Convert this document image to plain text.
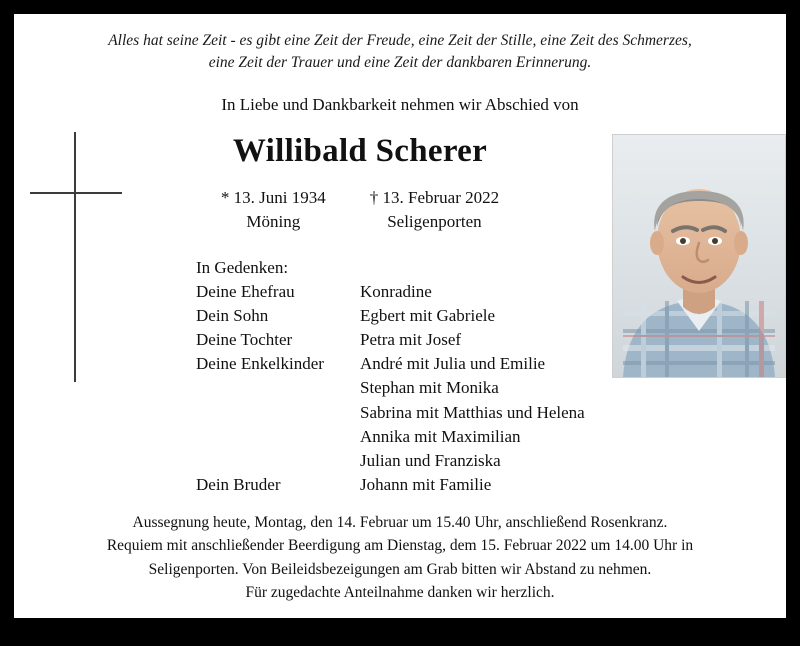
Alles hat seine Zeit - es gibt eine Zeit der Freude, eine Zeit der Stille, eine Zeit des Schmerzes,
eine Zeit der Trauer und eine Zeit der dankbaren Erinnerung.
In Liebe und Dankbarkeit nehmen wir Abschied von
Willibald Scherer
* 13. Juni 1934
Möning
† 13. Februar 2022
Seligenporten
In Gedenken:
Deine Ehefrau	Konradine
Dein Sohn	Egbert mit Gabriele
Deine Tochter	Petra mit Josef
Deine Enkelkinder	André mit Julia und Emilie
Stephan mit Monika
Sabrina mit Matthias und Helena
Annika mit Maximilian
Julian und Franziska
Dein Bruder	Johann mit Familie
Aussegnung heute, Montag, den 14. Februar um 15.40 Uhr, anschließend Rosenkranz.
Requiem mit anschließender Beerdigung am Dienstag, dem 15. Februar 2022 um 14.00 Uhr in
Seligenporten. Von Beileidsbezeigungen am Grab bitten wir Abstand zu nehmen.
Für zugedachte Anteilnahme danken wir herzlich.
